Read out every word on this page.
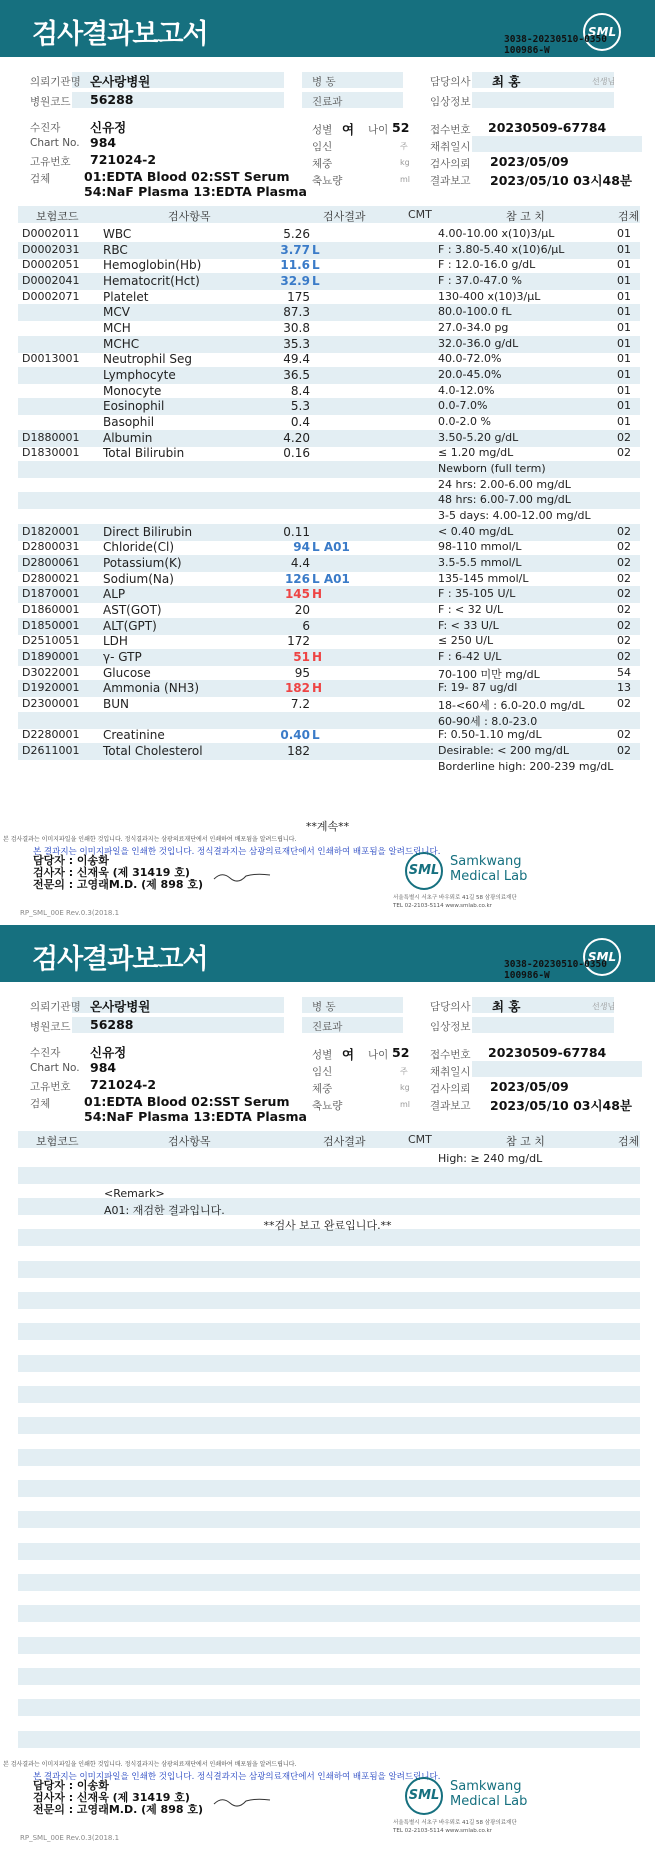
검사결과보고서	SML
3038-20230510-0350
100986-W
의뢰기관명 온사랑병원
병원코드 56288
병 동
진료과
담당의사 최 홍	선생님
임상정보
수진자 신유정
Chart No. 984
고유번호 721024-2
검체	01:EDTA Blood 02:SST Serum
54:NaF Plasma 13:EDTA Plasma
성별 여 나이 52
임신	주
체중	kg
축뇨량	ml
접수번호 20230509-67784
채취일시
검사의뢰 2023/05/09
결과보고 2023/05/10 03시48분
보험코드	검사항목	검사결과	CMT	참 고 치	검체
D0002011 WBC	5.26	4.00-10.00 x(10)3/μL	01
D0002031 RBC	3.77 L	F : 3.80-5.40 x(10)6/μL	01
D0002051 Hemoglobin(Hb)	11.6 L	F : 12.0-16.0 g/dL	01
D0002041 Hematocrit(Hct)	32.9 L	F : 37.0-47.0 %	01
D0002071 Platelet	175	130-400 x(10)3/μL	01
MCV	87.3	80.0-100.0 fL	01
MCH	30.8	27.0-34.0 pg	01
MCHC	35.3	32.0-36.0 g/dL	01
D0013001 Neutrophil Seg	49.4	40.0-72.0%	01
Lymphocyte	36.5	20.0-45.0%	01
Monocyte	8.4	4.0-12.0%	01
Eosinophil	5.3	0.0-7.0%	01
Basophil	0.4	0.0-2.0 %	01
D1880001 Albumin	4.20	3.50-5.20 g/dL	02
D1830001 Total Bilirubin	0.16	≤ 1.20 mg/dL	02
Newborn (full term)
24 hrs: 2.00-6.00 mg/dL
48 hrs: 6.00-7.00 mg/dL
3-5 days: 4.00-12.00 mg/dL
D1820001 Direct Bilirubin	0.11	< 0.40 mg/dL	02
D2800031 Chloride(Cl)	94 L A01	98-110 mmol/L	02
D2800061 Potassium(K)	4.4	3.5-5.5 mmol/L	02
D2800021 Sodium(Na)	126 L A01	135-145 mmol/L	02
D1870001 ALP	145 H	F : 35-105 U/L	02
D1860001 AST(GOT)	20	F : < 32 U/L	02
D1850001 ALT(GPT)	6	F: < 33 U/L	02
D2510051 LDH	172	≤ 250 U/L	02
D1890001 γ- GTP	51 H	F : 6-42 U/L	02
D3022001 Glucose	95	70-100 미만 mg/dL	54
D1920001 Ammonia (NH3)	182 H	F: 19- 87 ug/dl	13
D2300001 BUN	7.2	18-<60세 : 6.0-20.0 mg/dL	02
60-90세 : 8.0-23.0
D2280001 Creatinine	0.40 L	F: 0.50-1.10 mg/dL	02
D2611001 Total Cholesterol	182	Desirable: < 200 mg/dL	02
Borderline high: 200-239 mg/dL
**계속**
본 검사결과는 이미지파일을 인쇄한 것입니다. 정식결과지는 삼광의료재단에서 인쇄하여 배포됨을 알려드립니다.
본 결과지는 이미지파일을 인쇄한 것입니다. 정식결과지는 삼광의료재단에서 인쇄하여 배포됨을 알려드립니다.
담당자 : 이송화
검사자 : 신재욱 (제 31419 호)
전문의 : 고영래M.D. (제 898 호)
SML
Samkwang
Medical Lab
서울특별시 서초구 바우뫼로 41길 58 삼광의료재단
TEL 02-2103-5114 www.smlab.co.kr
RP_SML_00E Rev.0.3(2018.1
검사결과보고서	SML
3038-20230510-0350
100986-W
의뢰기관명 온사랑병원
병원코드 56288
병 동
진료과
담당의사 최 홍	선생님
임상정보
수진자 신유정
Chart No. 984
고유번호 721024-2
검체	01:EDTA Blood 02:SST Serum
54:NaF Plasma 13:EDTA Plasma
성별 여 나이 52
임신	주
체중	kg
축뇨량	ml
접수번호 20230509-67784
채취일시
검사의뢰 2023/05/09
결과보고 2023/05/10 03시48분
보험코드	검사항목	검사결과	CMT	참 고 치	검체
High: ≥ 240 mg/dL
<Remark>
A01: 재검한 결과입니다.
**검사 보고 완료입니다.**
본 검사결과는 이미지파일을 인쇄한 것입니다. 정식결과지는 삼광의료재단에서 인쇄하여 배포됨을 알려드립니다.
본 결과지는 이미지파일을 인쇄한 것입니다. 정식결과지는 삼광의료재단에서 인쇄하여 배포됨을 알려드립니다.
담당자 : 이송화
검사자 : 신재욱 (제 31419 호)
전문의 : 고영래M.D. (제 898 호)
SML
Samkwang
Medical Lab
서울특별시 서초구 바우뫼로 41길 58 삼광의료재단
TEL 02-2103-5114 www.smlab.co.kr
RP_SML_00E Rev.0.3(2018.1
